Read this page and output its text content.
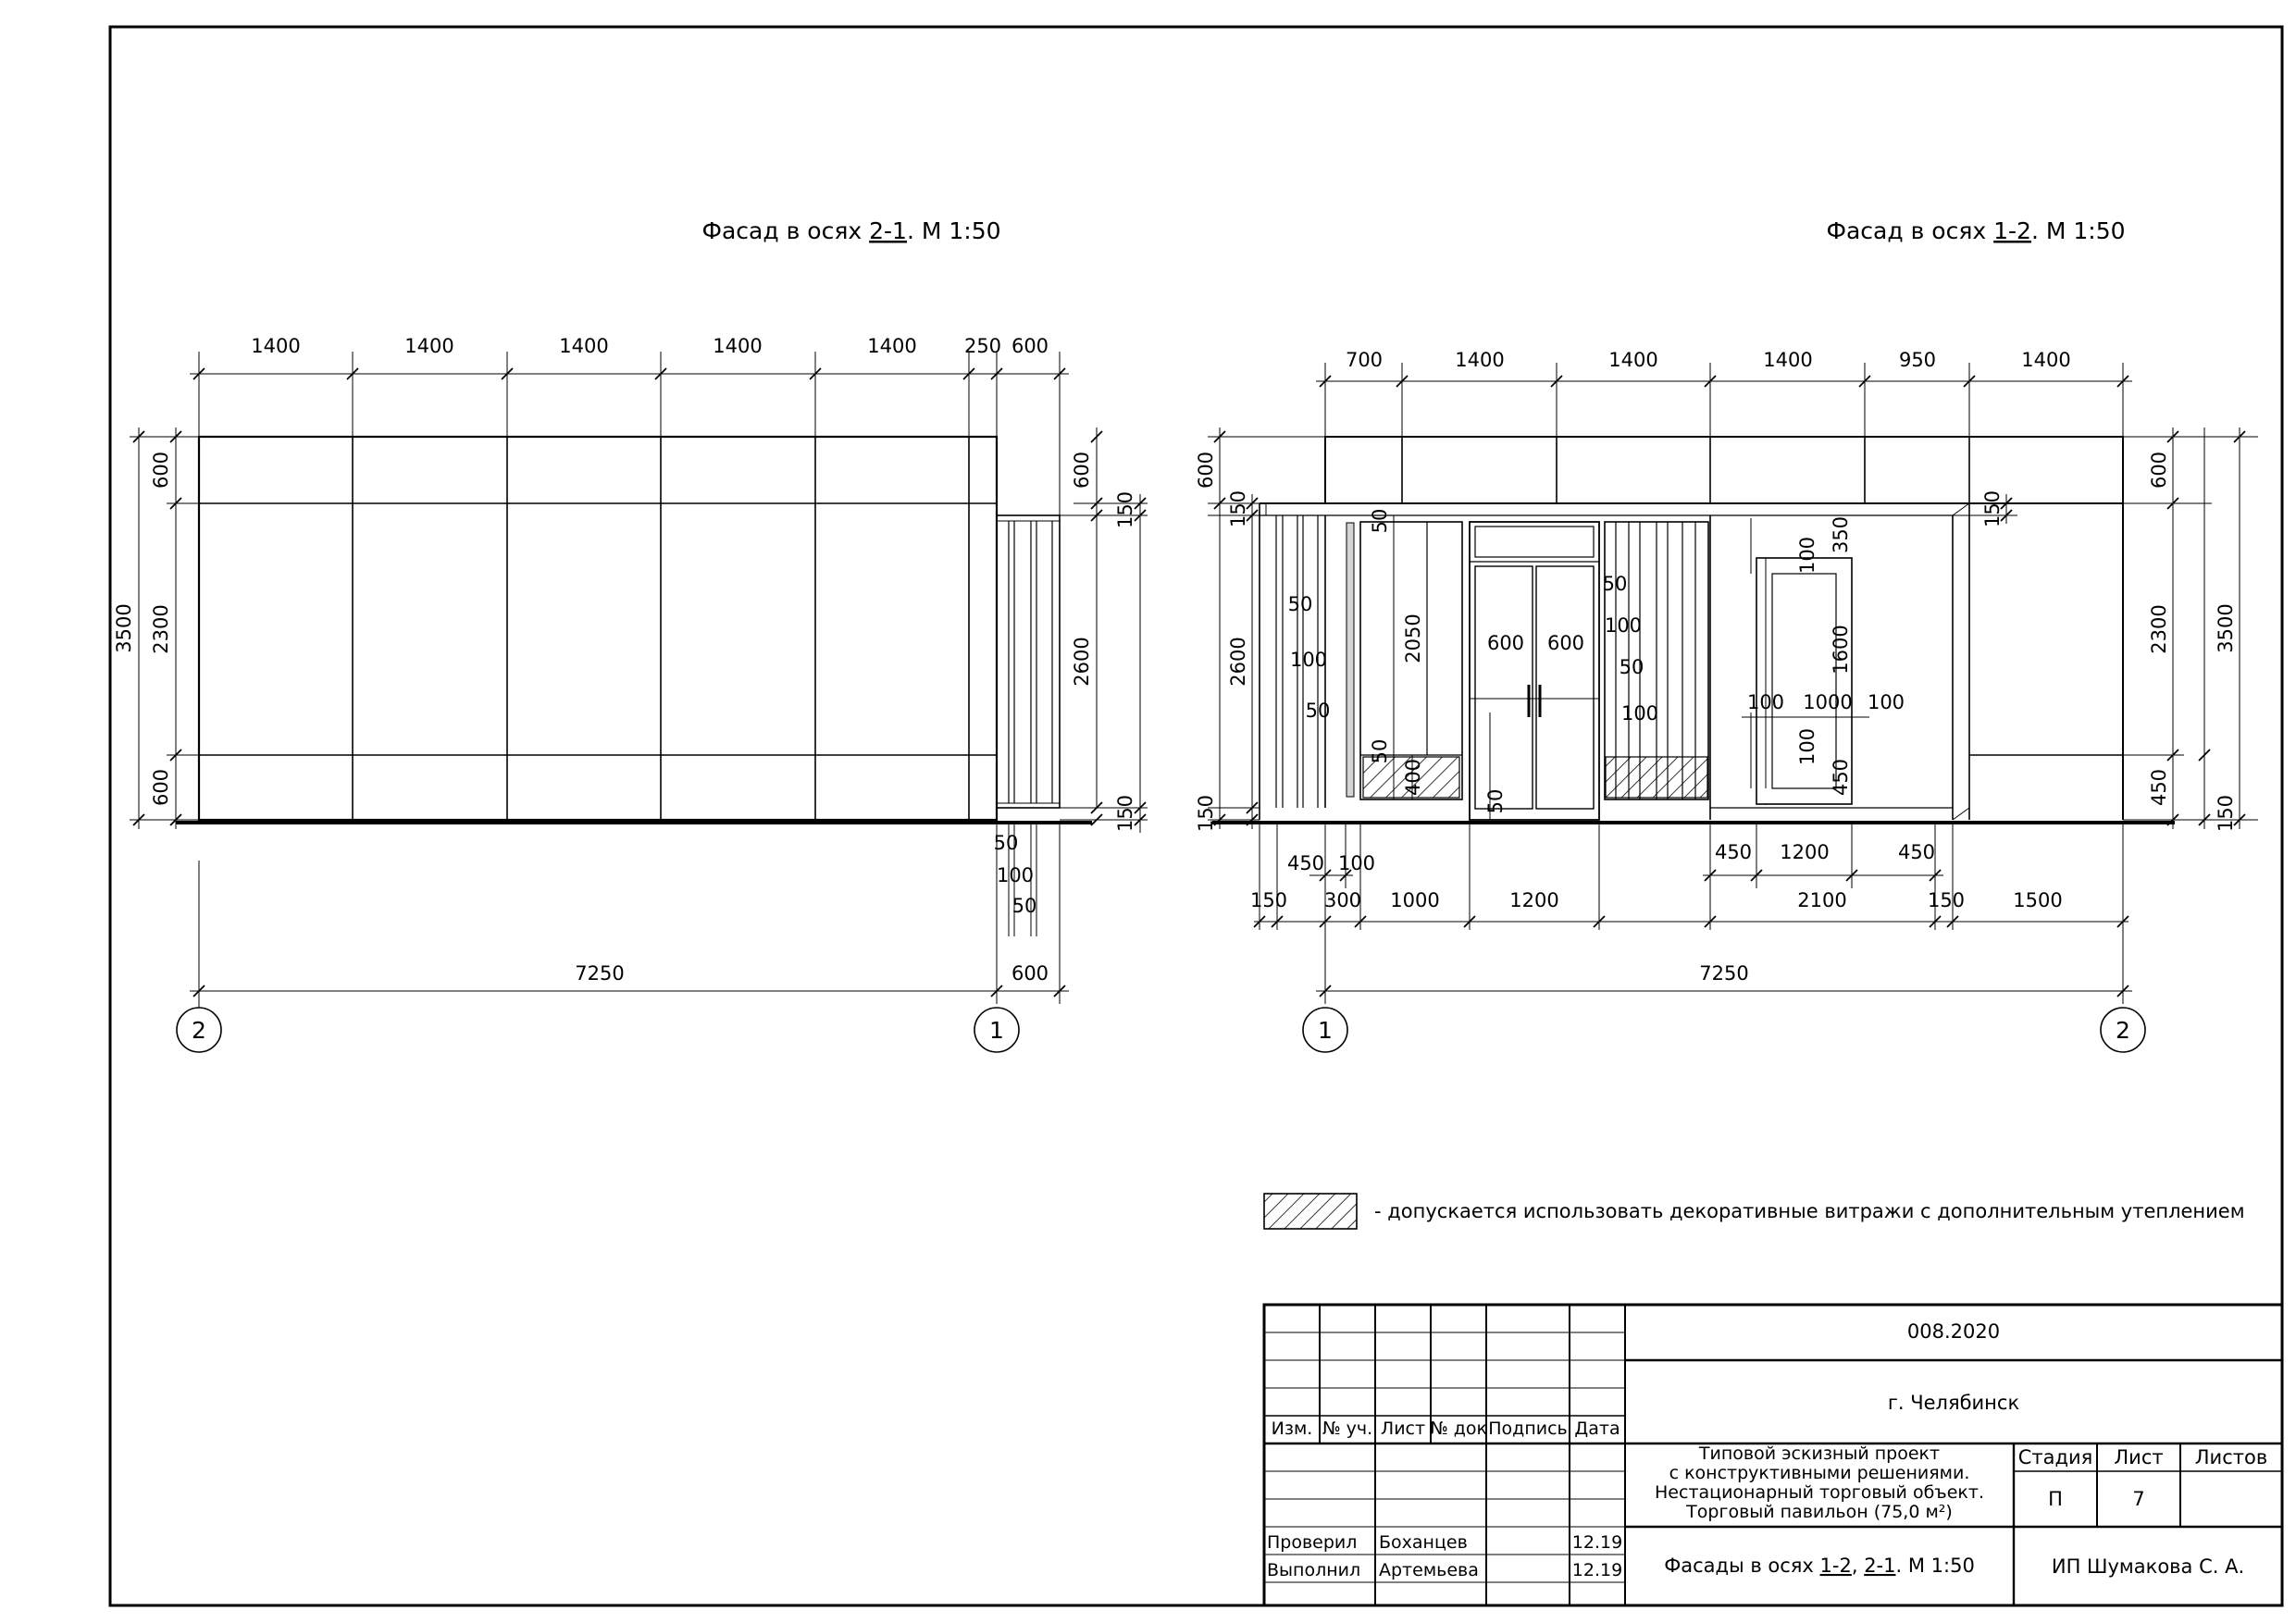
Фасад в осях 2-1. М 1:50	Фасад в осях 1-2. М 1:50
1400	1400	1400	1400	1400 250 600
600
2300
600
3500
600
150
2600
150
50
100
50
7250	600
2	1
700	1400	1400	1400	950	1400
600
150
2600
150
150
600
2300
450
150
3500
50
2050
50
400
600 600
50
50
100
50
50
100
50
100
100
350
1600
100 1000 100
100
450
450 100	450 1200	450
150 300 1000	1200	2100	150 1500
7250
1	2
- допускается использовать декоративные витражи с дополнительным утеплением
Изм. № уч. Лист № док Подпись Дата
Проверил Боханцев	12.19
Выполнил Артемьева	12.19
008.2020
г. Челябинск
Типовой эскизный проект
с конструктивными решениями.
Нестационарный торговый объект.
Торговый павильон (75,0 м²)
Стадия Лист Листов
П	7
Фасады в осях 1-2, 2-1. М 1:50	ИП Шумакова С. А.
